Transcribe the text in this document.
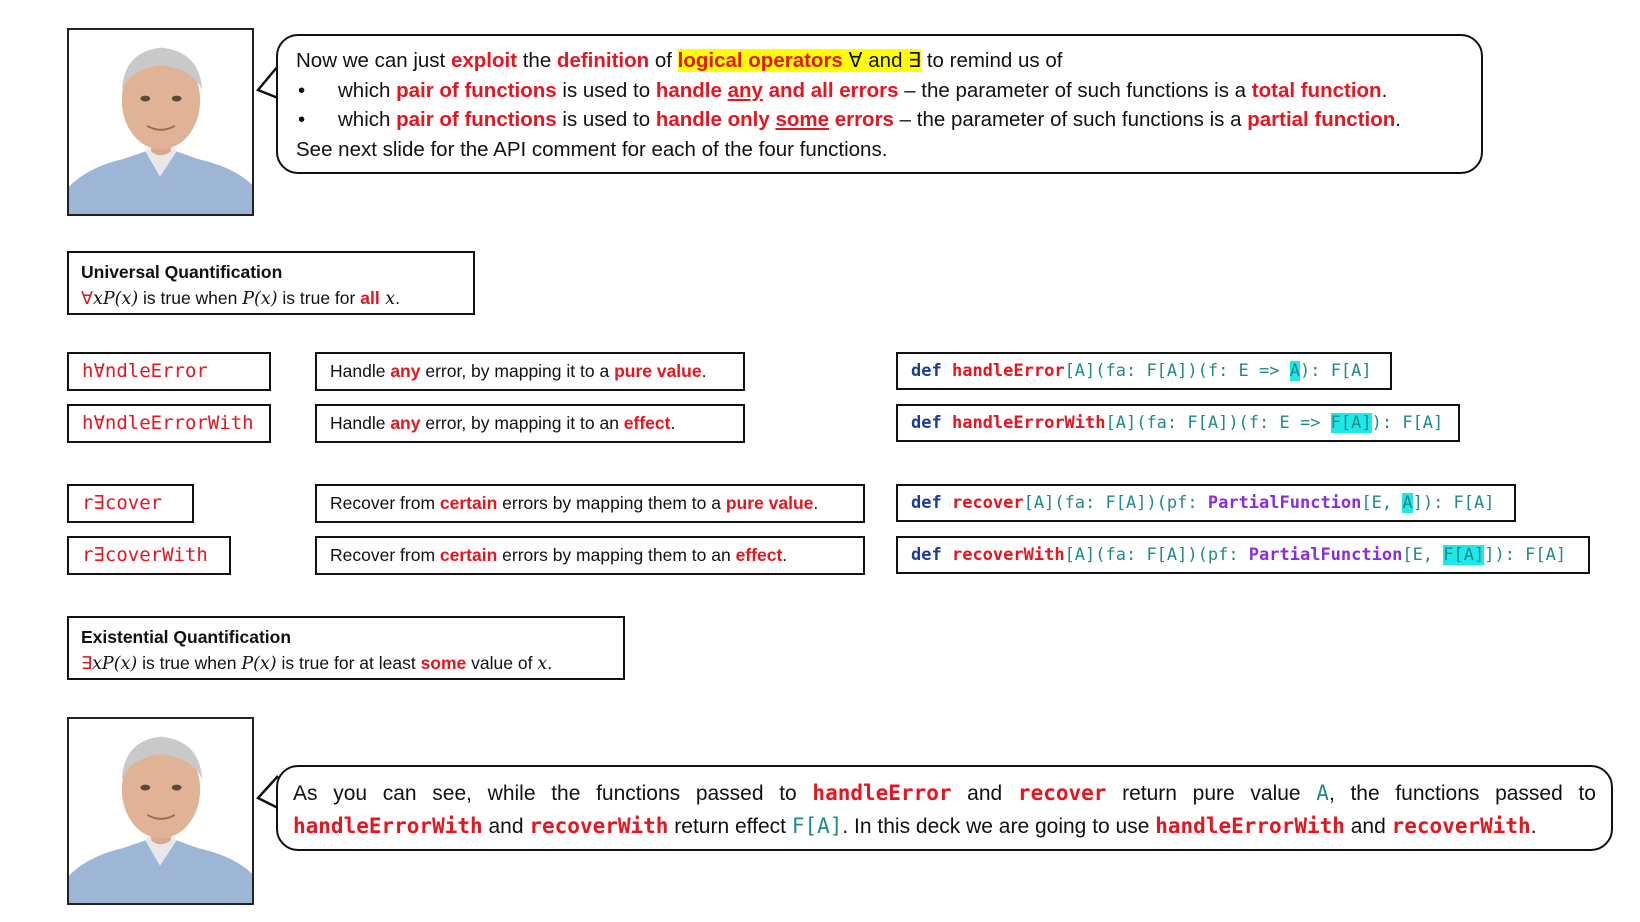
Now we can just exploit the definition of logical operators ∀ and ∃ to remind us of
•	which pair of functions is used to handle any and all errors – the parameter of such functions is a total function.
•	which pair of functions is used to handle only some errors – the parameter of such functions is a partial function.
See next slide for the API comment for each of the four functions.
Universal Quantification
∀xP(x) is true when P(x) is true for all x.
h∀ndleError	Handle any error, by mapping it to a pure value.	def handleError[A](fa: F[A])(f: E => A): F[A]
h∀ndleErrorWith	Handle any error, by mapping it to an effect.	def handleErrorWith[A](fa: F[A])(f: E => F[A]): F[A]
r∃cover	Recover from certain errors by mapping them to a pure value.	def recover[A](fa: F[A])(pf: PartialFunction[E, A]): F[A]
r∃coverWith	Recover from certain errors by mapping them to an effect.	def recoverWith[A](fa: F[A])(pf: PartialFunction[E, F[A]]): F[A]
Existential Quantification
∃xP(x) is true when P(x) is true for at least some value of x.
As you can see, while the functions passed to handleError and recover return pure value A, the functions passed to handleErrorWith and recoverWith return effect F[A]. In this deck we are going to use handleErrorWith and recoverWith.
